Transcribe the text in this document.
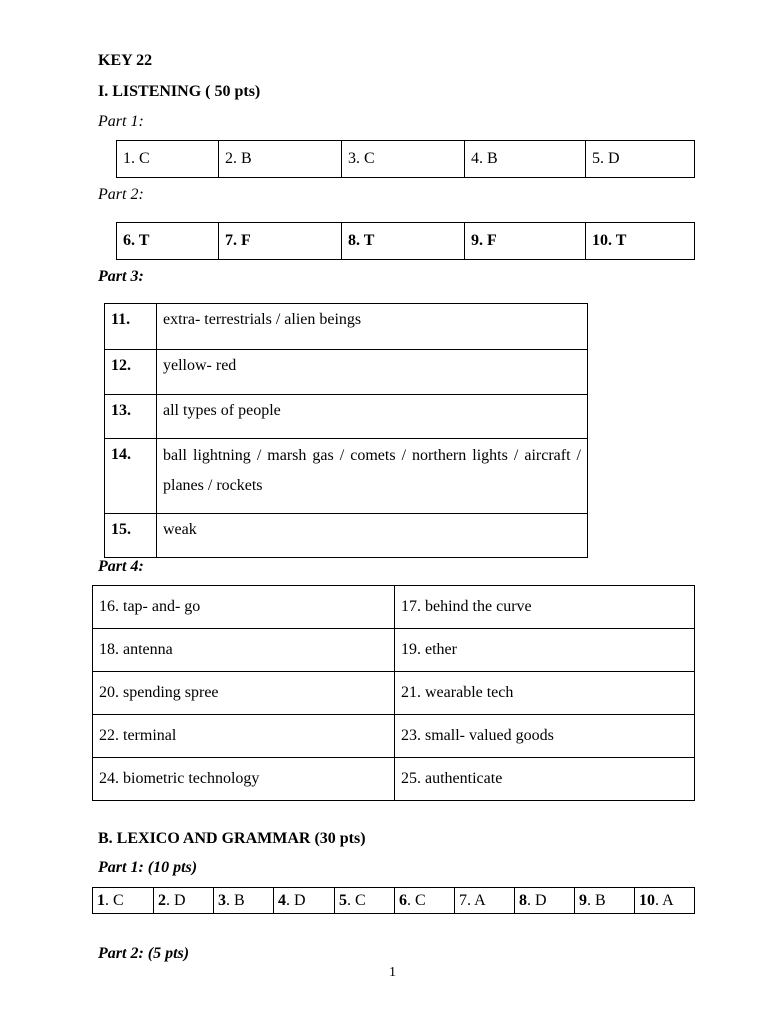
KEY 22
I. LISTENING ( 50 pts)
Part 1:
1. C	2. B	3. C	4. B	5. D
Part 2:
6. T	7. F	8. T	9. F	10. T
Part 3:
11.	extra- terrestrials / alien beings
12.	yellow- red
13.	all types of people
14.	ball lightning / marsh gas / comets / northern lights / aircraft / planes / rockets
15.	weak
Part 4:
16. tap- and- go	17. behind the curve
18. antenna	19. ether
20. spending spree	21. wearable tech
22. terminal	23. small- valued goods
24. biometric technology	25. authenticate
B. LEXICO AND GRAMMAR (30 pts)
Part 1: (10 pts)
1. C	2. D	3. B	4. D	5. C	6. C	7. A	8. D	9. B	10. A
Part 2: (5 pts)
1
